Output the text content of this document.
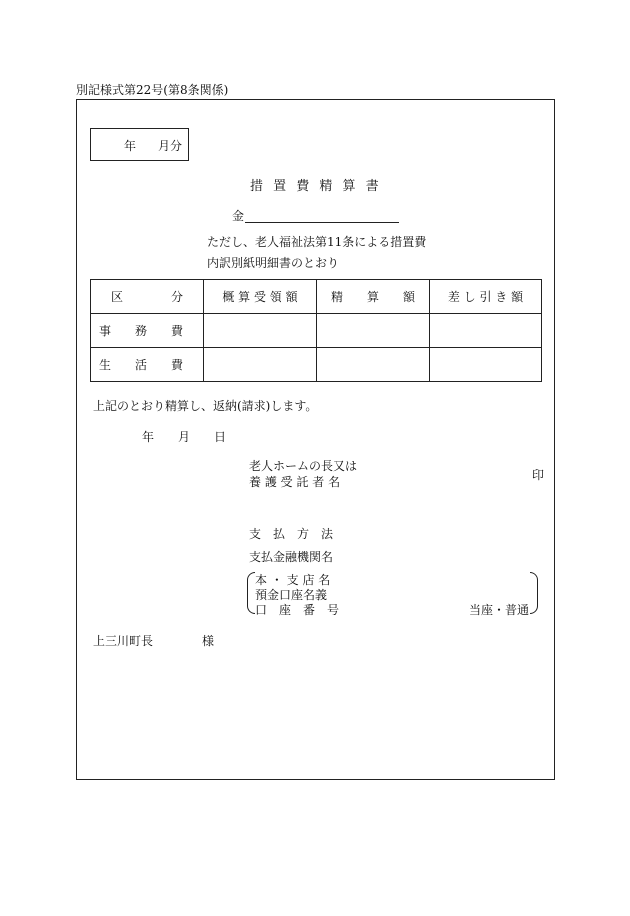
別記様式第22号(第8条関係)
年 月分
措 置 費 精 算 書
金
ただし、老人福祉法第11条による措置費
内訳別紙明細書のとおり
区　　　　分	概 算 受 領 額	精　　算　　額	差 し 引 き 額
事　　務　　費			
生　　活　　費			
上記のとおり精算し、返納(請求)します。
年 月 日
老人ホームの長又は
養 護 受 託 者 名	印
支　払　方　法
支払金融機関名
本 ・ 支 店 名
預金口座名義
口　座　番　号	当座・普通
上三川町長	様
